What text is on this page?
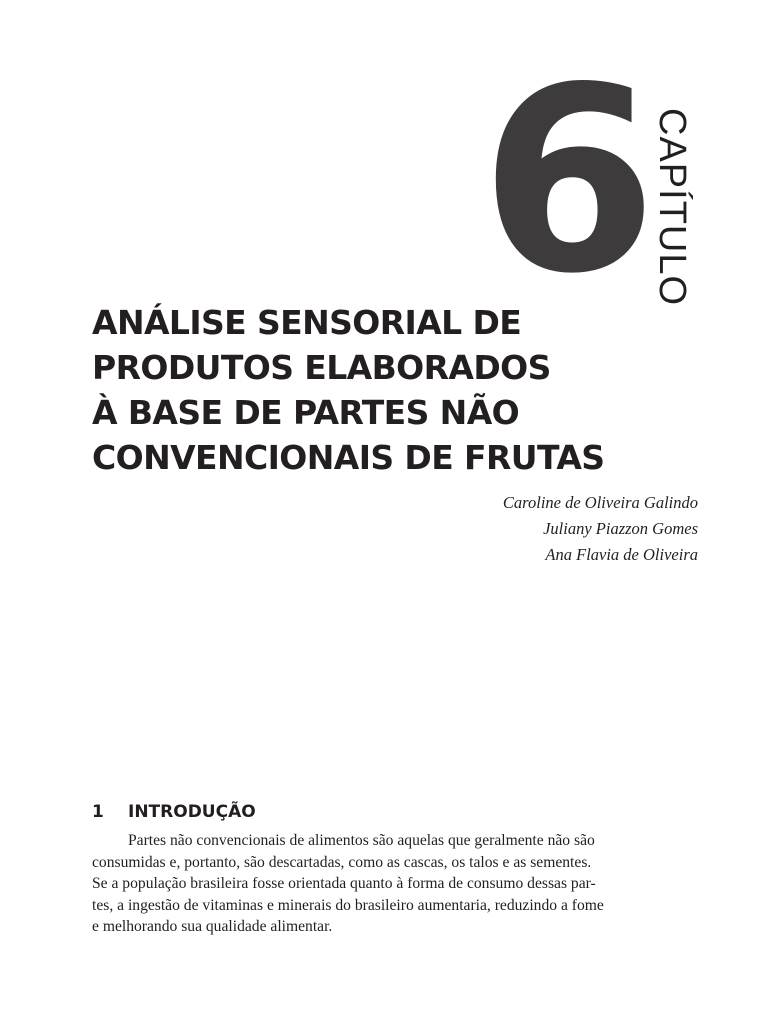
6 CAPÍTULO
ANÁLISE SENSORIAL DE
PRODUTOS ELABORADOS
À BASE DE PARTES NÃO
CONVENCIONAIS DE FRUTAS
Caroline de Oliveira Galindo
Juliany Piazzon Gomes
Ana Flavia de Oliveira
1 INTRODUÇÃO
Partes não convencionais de alimentos são aquelas que geralmente não são
consumidas e, portanto, são descartadas, como as cascas, os talos e as sementes.
Se a população brasileira fosse orientada quanto à forma de consumo dessas par-
tes, a ingestão de vitaminas e minerais do brasileiro aumentaria, reduzindo a fome
e melhorando sua qualidade alimentar.
